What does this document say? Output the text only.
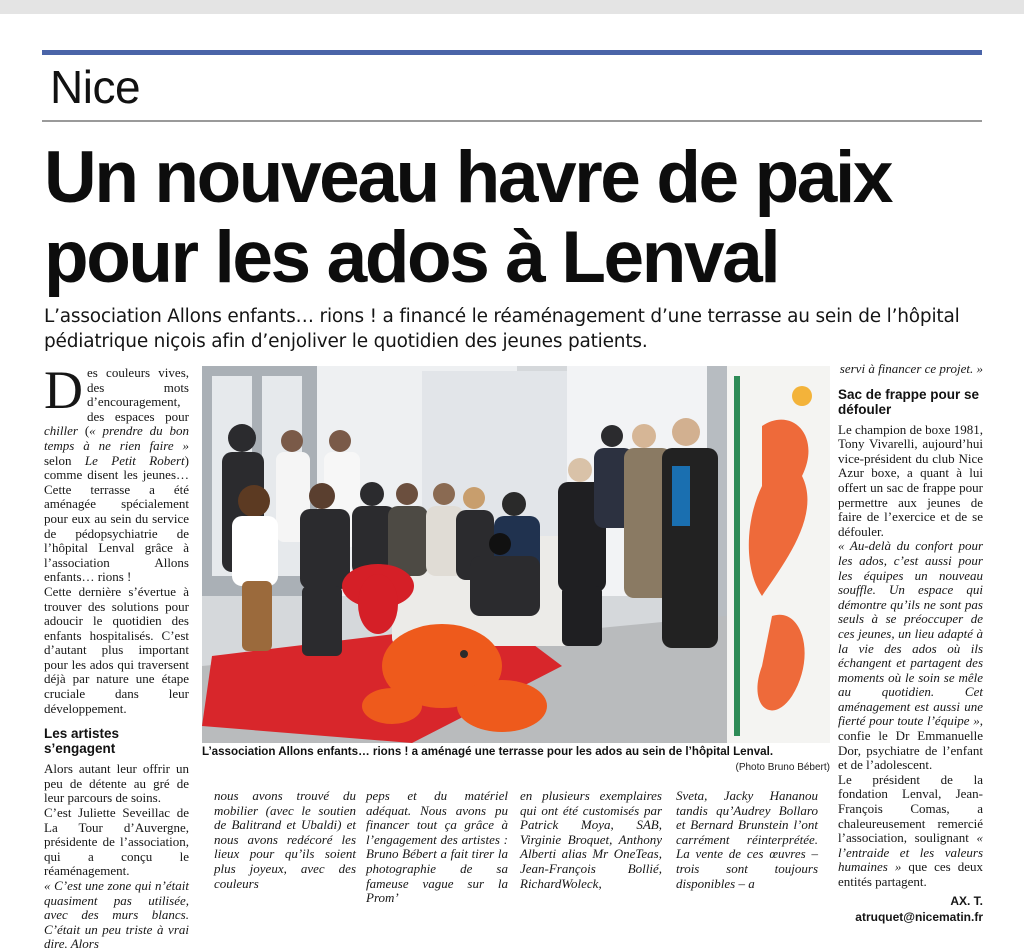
Nice
Un nouveau havre de paix
pour les ados à Lenval

L’association Allons enfants… rions ! a financé le réaménagement d’une terrasse au sein de l’hôpital pédiatrique niçois afin d’enjoliver le quotidien des jeunes patients.

Des couleurs vives, des mots d’encouragement, des espaces pour chiller (« prendre du bon temps à ne rien faire » selon Le Petit Robert) comme disent les jeunes… Cette terrasse a été aménagée spécialement pour eux au sein du service de pédopsychiatrie de l’hôpital Lenval grâce à l’association Allons enfants… rions !

Cette dernière s’évertue à trouver des solutions pour adoucir le quotidien des enfants hospitalisés. C’est d’autant plus important pour les ados qui traversent déjà par nature une étape cruciale dans leur développement.

Les artistes s’engagent

Alors autant leur offrir un peu de détente au gré de leur parcours de soins.

C’est Juliette Seveillac de La Tour d’Auvergne, présidente de l’association, qui a conçu le réaménagement.

« C’est une zone qui n’était quasiment pas utilisée, avec des murs blancs. C’était un peu triste à vrai dire. Alors

L’association Allons enfants… rions ! a aménagé une terrasse pour les ados au sein de l’hôpital Lenval.
(Photo Bruno Bébert)
nous avons trouvé du mobilier (avec le soutien de Balitrand et Ubaldi) et nous avons redécoré les lieux pour qu’ils soient plus joyeux, avec des couleurs
peps et du matériel adéquat. Nous avons pu financer tout ça grâce à l’engagement des artistes : Bruno Bébert a fait tirer la photographie de sa fameuse vague sur la Prom’
en plusieurs exemplaires qui ont été customisés par Patrick Moya, SAB, Virginie Broquet, Anthony Alberti alias Mr OneTeas, Jean-François Bollié, RichardWoleck,
Sveta, Jacky Hananou tandis qu’Audrey Bollaro et Bernard Brunstein l’ont carrément réinterprétée. La vente de ces œuvres – trois sont toujours disponibles – a

servi à financer ce projet. »

Sac de frappe pour se défouler

Le champion de boxe 1981, Tony Vivarelli, aujourd’hui vice-président du club Nice Azur boxe, a quant à lui offert un sac de frappe pour permettre aux jeunes de faire de l’exercice et de se défouler.

« Au-delà du confort pour les ados, c’est aussi pour les équipes un nouveau souffle. Un espace qui démontre qu’ils ne sont pas seuls à se préoccuper de ces jeunes, un lieu adapté à la vie des ados où ils échangent et partagent des moments où le soin se mêle au quotidien. Cet aménagement est aussi une fierté pour toute l’équipe », confie le Dr Emmanuelle Dor, psychiatre de l’enfant et de l’adolescent.

Le président de la fondation Lenval, Jean-François Comas, a chaleureusement remercié l’association, soulignant « l’entraide et les valeurs humaines » que ces deux entités partagent.

AX. T.
atruquet@nicematin.fr
